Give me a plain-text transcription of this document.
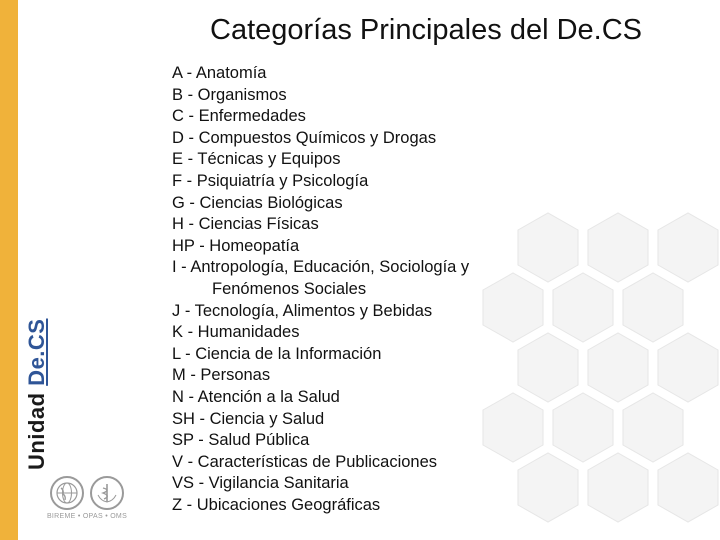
Unidad De.CS
Categorías Principales del De.CS
A - Anatomía
B - Organismos
C - Enfermedades
D - Compuestos Químicos y Drogas
E - Técnicas y Equipos
F - Psiquiatría y Psicología
G - Ciencias Biológicas
H - Ciencias Físicas
HP - Homeopatía
I - Antropología, Educación, Sociología y
Fenómenos Sociales
J - Tecnología, Alimentos y Bebidas
K - Humanidades
L - Ciencia de la Información
M - Personas
N - Atención a la Salud
SH - Ciencia y Salud
SP - Salud Pública
V - Características de Publicaciones
VS - Vigilancia Sanitaria
Z - Ubicaciones Geográficas
BIREME • OPAS • OMS
